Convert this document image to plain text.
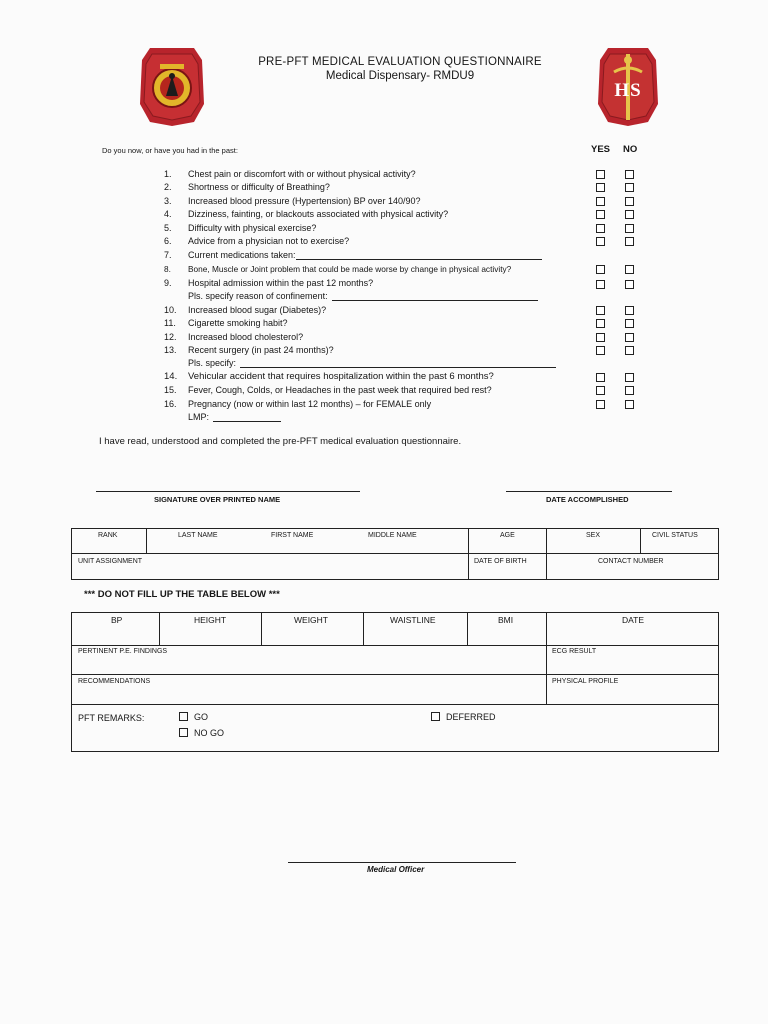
HS
PRE-PFT MEDICAL EVALUATION QUESTIONNAIRE
Medical Dispensary- RMDU9
Do you now, or have you had in the past:	YES NO
1. Chest pain or discomfort with or without physical activity?
2. Shortness or difficulty of Breathing?
3. Increased blood pressure (Hypertension) BP over 140/90?
4. Dizziness, fainting, or blackouts associated with physical activity?
5. Difficulty with physical exercise?
6. Advice from a physician not to exercise?
7. Current medications taken:
8. Bone, Muscle or Joint problem that could be made worse by change in physical activity?
9. Hospital admission within the past 12 months?
Pls. specify reason of confinement:
10. Increased blood sugar (Diabetes)?
11. Cigarette smoking habit?
12. Increased blood cholesterol?
13. Recent surgery (in past 24 months)?
Pls. specify:
14. Vehicular accident that requires hospitalization within the past 6 months?
15. Fever, Cough, Colds, or Headaches in the past week that required bed rest?
16. Pregnancy (now or within last 12 months) – for FEMALE only
LMP:
I have read, understood and completed the pre-PFT medical evaluation questionnaire.
SIGNATURE OVER PRINTED NAME	DATE ACCOMPLISHED
RANK	LAST NAME	FIRST NAME	MIDDLE NAME	AGE	SEX	CIVIL STATUS
UNIT ASSIGNMENT	DATE OF BIRTH	CONTACT NUMBER
*** DO NOT FILL UP THE TABLE BELOW ***
BP	HEIGHT	WEIGHT	WAISTLINE	BMI	DATE
PERTINENT P.E. FINDINGS	ECG RESULT
RECOMMENDATIONS	PHYSICAL PROFILE
PFT REMARKS:	GO
NO GO
DEFERRED
Medical Officer
